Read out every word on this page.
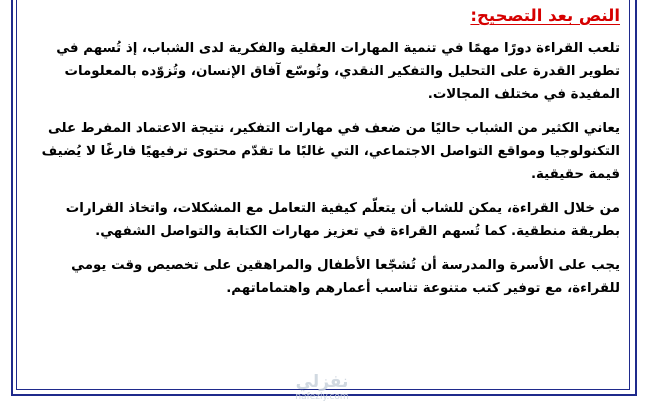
النص بعد التصحيح:

تلعب القراءة دورًا مهمًا في تنمية المهارات العقلية والفكرية لدى الشباب، إذ تُسهم في تطوير القدرة على التحليل والتفكير النقدي، وتُوسّع آفاق الإنسان، وتُزوّده بالمعلومات المفيدة في مختلف المجالات.

يعاني الكثير من الشباب حاليًا من ضعف في مهارات التفكير، نتيجة الاعتماد المفرط على التكنولوجيا ومواقع التواصل الاجتماعي، التي غالبًا ما تقدّم محتوى ترفيهيًا فارغًا لا يُضيف قيمة حقيقية.

من خلال القراءة، يمكن للشاب أن يتعلّم كيفية التعامل مع المشكلات، واتخاذ القرارات بطريقة منطقية. كما تُسهم القراءة في تعزيز مهارات الكتابة والتواصل الشفهي.

يجب على الأسرة والمدرسة أن تُشجّعا الأطفال والمراهقين على تخصيص وقت يومي للقراءة، مع توفير كتب متنوعة تناسب أعمارهم واهتماماتهم.

نفزلي
nafezly.com
